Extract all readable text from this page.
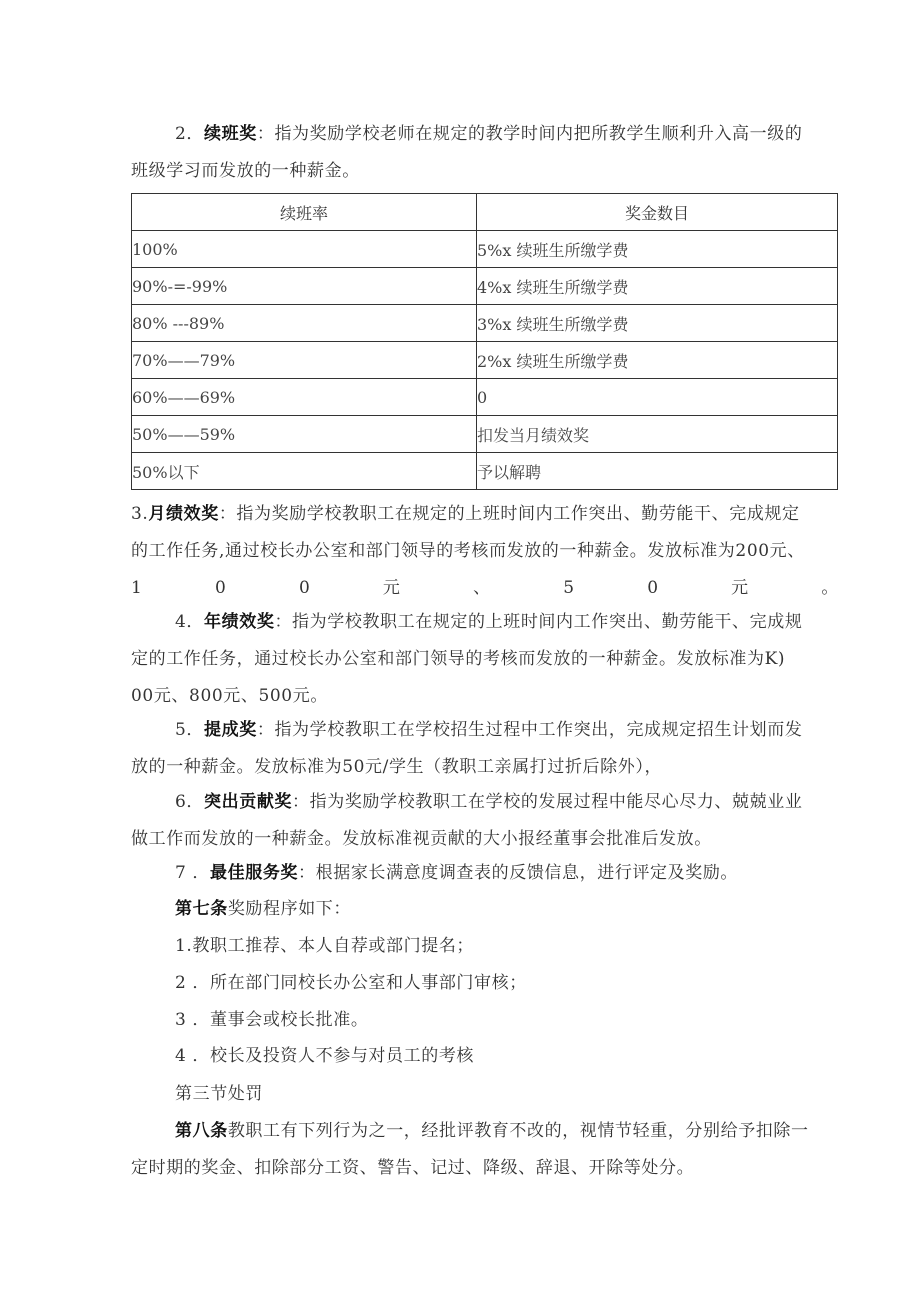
2．续班奖：指为奖励学校老师在规定的教学时间内把所教学生顺利升入高一级的
班级学习而发放的一种薪金。
续班率	奖金数目
100%	5%x 续班生所缴学费
90%-=-99%	4%x 续班生所缴学费
80% ---89%	3%x 续班生所缴学费
70%——79%	2%x 续班生所缴学费
60%——69%	0
50%——59%	扣发当月绩效奖
50%以下	予以解聘
3.月绩效奖：指为奖励学校教职工在规定的上班时间内工作突出、勤劳能干、完成规定
的工作任务,通过校长办公室和部门领导的考核而发放的一种薪金。发放标准为200元、
1	0	0	元	、	5	0	元	。
4．年绩效奖：指为学校教职工在规定的上班时间内工作突出、勤劳能干、完成规
定的工作任务，通过校长办公室和部门领导的考核而发放的一种薪金。发放标准为K)
00元、800元、500元。
5．提成奖：指为学校教职工在学校招生过程中工作突出，完成规定招生计划而发
放的一种薪金。发放标准为50元/学生（教职工亲属打过折后除外），
6．突出贡献奖：指为奖励学校教职工在学校的发展过程中能尽心尽力、兢兢业业
做工作而发放的一种薪金。发放标准视贡献的大小报经董事会批准后发放。
7 ．最佳服务奖：根据家长满意度调查表的反馈信息，进行评定及奖励。
第七条奖励程序如下：
1.教职工推荐、本人自荐或部门提名；
2 ．所在部门同校长办公室和人事部门审核；
3 ．董事会或校长批准。
4 ．校长及投资人不参与对员工的考核
第三节处罚
第八条教职工有下列行为之一，经批评教育不改的，视情节轻重，分别给予扣除一
定时期的奖金、扣除部分工资、警告、记过、降级、辞退、开除等处分。
